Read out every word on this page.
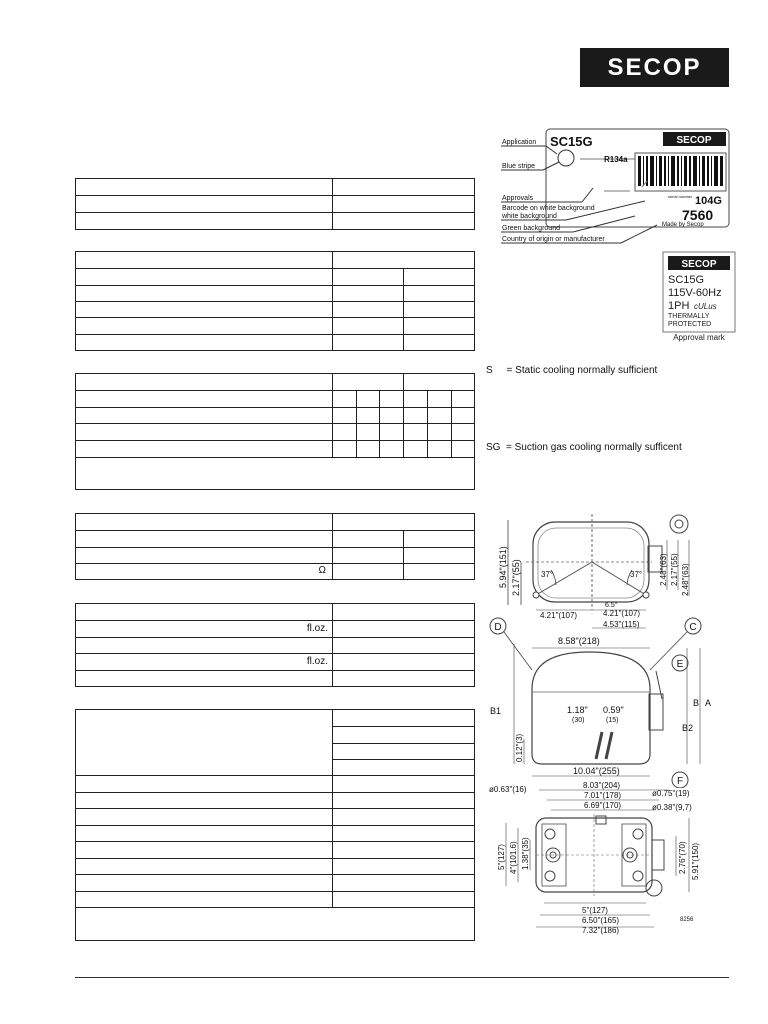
SECOP
Ω
fl.oz.
fl.oz.
SC15G	SECOP
R134a
serial number 104G
7560
Made by Secop
Application
Blue stripe
Approvals
Barcode on white background
white background
Green background
Country of origin or manufacturer
SECOP
SC15G
115V-60Hz
1PH cULus
THERMALLY
PROTECTED
Approval mark
S     = Static cooling normally sufficient
SG  = Suction gas cooling normally sufficent
5.94"(151) 2.17"(55)	37°	37°
6.5°
2.48"(63) 2.17"(55) 2.48"(63)
4.21"(107)	4.21"(107)
4.53"(115)
D	C
E
8.58"(218)
B1
B A
B2
1.18"
(30)
0.59"
(15)
0.12"(3)
10.04"(255)
F
8.03"(204)
7.01"(178)
6.69"(170)
ø0.63"(16)	ø0.75"(19)
ø0.38"(9,7)
5"(127) 4"(101.6) 1.38"(35)	2.76"(70) 5.91"(150)
5"(127)
6.50"(165)
7.32"(186)
8256
